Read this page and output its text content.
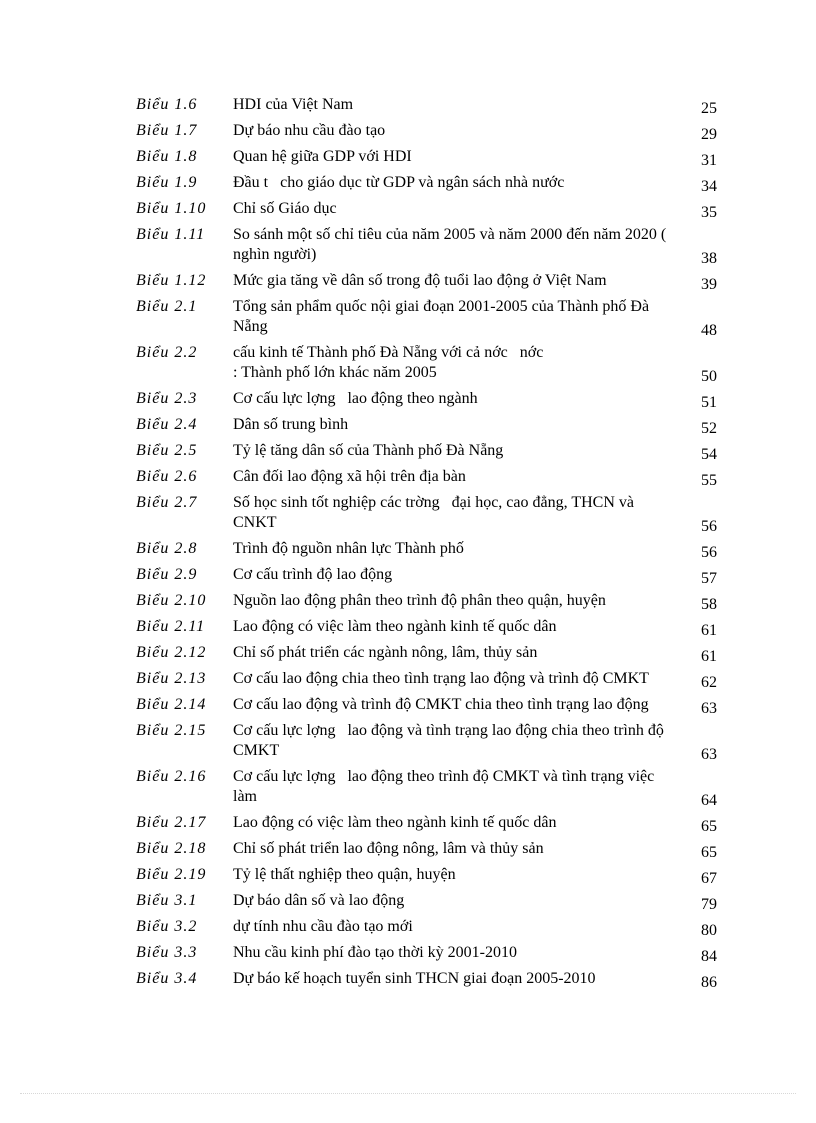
Biểu 1.6 HDI của Việt Nam	25
Biểu 1.7 Dự báo nhu cầu đào tạo	29
Biểu 1.8 Quan hệ giữa GDP với HDI	31
Biểu 1.9 Đầu t   cho giáo dục từ GDP và ngân sách nhà nước	34
Biểu 1.10 Chỉ số Giáo dục	35
Biểu 1.11 So sánh một số chỉ tiêu của năm 2005 và năm 2000 đến năm 2020 ( nghìn người)	38
Biểu 1.12 Mức gia tăng về dân số trong độ tuổi lao động ở Việt Nam	39
Biểu 2.1 Tổng sản phẩm quốc nội giai đoạn 2001-2005 của Thành phố Đà Nẵng	48
Biểu 2.2 cấu kinh tế Thành phố Đà Nẵng với cả nớc   nớc
: Thành phố lớn khác năm 2005	50
Biểu 2.3 Cơ cấu lực lợng   lao động theo ngành	51
Biểu 2.4 Dân số trung bình	52
Biểu 2.5 Tỷ lệ tăng dân số của Thành phố Đà Nẵng	54
Biểu 2.6 Cân đối lao động xã hội trên địa bàn	55
Biểu 2.7 Số học sinh tốt nghiệp các trờng   đại học, cao đẳng, THCN và CNKT	56
Biểu 2.8 Trình độ nguồn nhân lực Thành phố	56
Biểu 2.9 Cơ cấu trình độ lao động	57
Biểu 2.10 Nguồn lao động phân theo trình độ phân theo quận, huyện	58
Biểu 2.11 Lao động có việc làm theo ngành kinh tế quốc dân	61
Biểu 2.12 Chỉ số phát triển các ngành nông, lâm, thủy sản	61
Biểu 2.13 Cơ cấu lao động chia theo tình trạng lao động và trình độ CMKT	62
Biểu 2.14 Cơ cấu lao động và trình độ CMKT chia theo tình trạng lao động	63
Biểu 2.15 Cơ cấu lực lợng   lao động và tình trạng lao động chia theo trình độ CMKT	63
Biểu 2.16 Cơ cấu lực lợng   lao động theo trình độ CMKT và tình trạng việc làm	64
Biểu 2.17 Lao động có việc làm theo ngành kinh tế quốc dân	65
Biểu 2.18 Chỉ số phát triển lao động nông, lâm và thủy sản	65
Biểu 2.19 Tỷ lệ thất nghiệp theo quận, huyện	67
Biểu 3.1 Dự báo dân số và lao động	79
Biểu 3.2 dự tính nhu cầu đào tạo mới	80
Biểu 3.3 Nhu cầu kinh phí đào tạo thời kỳ 2001-2010	84
Biểu 3.4 Dự báo kế hoạch tuyển sinh THCN giai đoạn 2005-2010	86
